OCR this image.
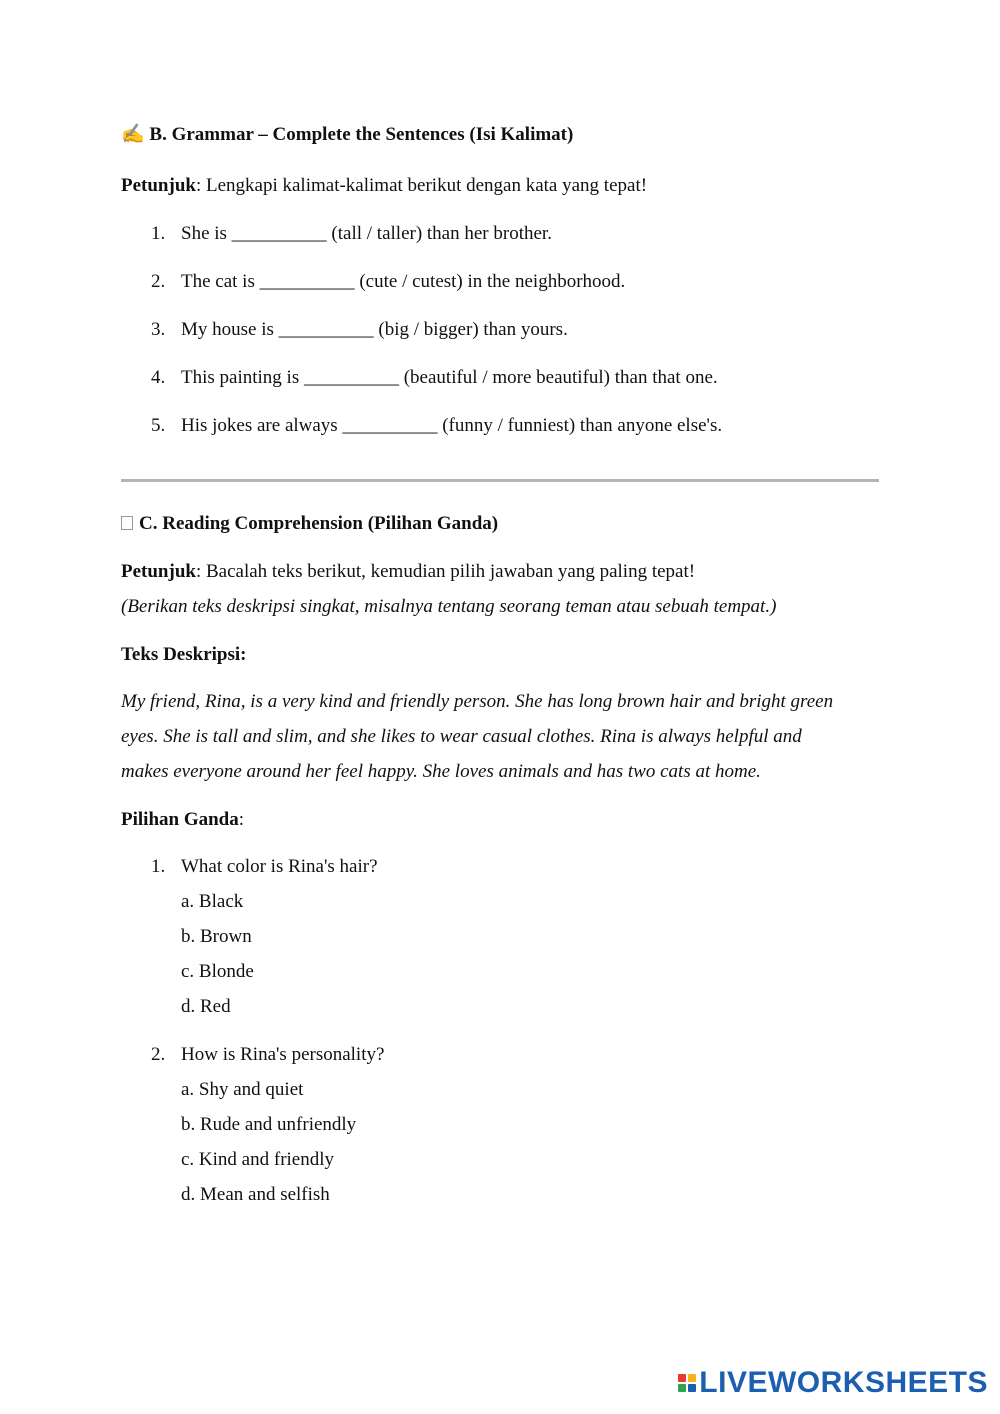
✍ B. Grammar – Complete the Sentences (Isi Kalimat)
Petunjuk: Lengkapi kalimat-kalimat berikut dengan kata yang tepat!
1. She is __________ (tall / taller) than her brother.
2. The cat is __________ (cute / cutest) in the neighborhood.
3. My house is __________ (big / bigger) than yours.
4. This painting is __________ (beautiful / more beautiful) than that one.
5. His jokes are always __________ (funny / funniest) than anyone else's.
C. Reading Comprehension (Pilihan Ganda)
Petunjuk: Bacalah teks berikut, kemudian pilih jawaban yang paling tepat!
(Berikan teks deskripsi singkat, misalnya tentang seorang teman atau sebuah tempat.)
Teks Deskripsi:
My friend, Rina, is a very kind and friendly person. She has long brown hair and bright green
eyes. She is tall and slim, and she likes to wear casual clothes. Rina is always helpful and
makes everyone around her feel happy. She loves animals and has two cats at home.
Pilihan Ganda:
1. What color is Rina's hair?
a. Black
b. Brown
c. Blonde
d. Red
2. How is Rina's personality?
a. Shy and quiet
b. Rude and unfriendly
c. Kind and friendly
d. Mean and selfish
LIVEWORKSHEETS
